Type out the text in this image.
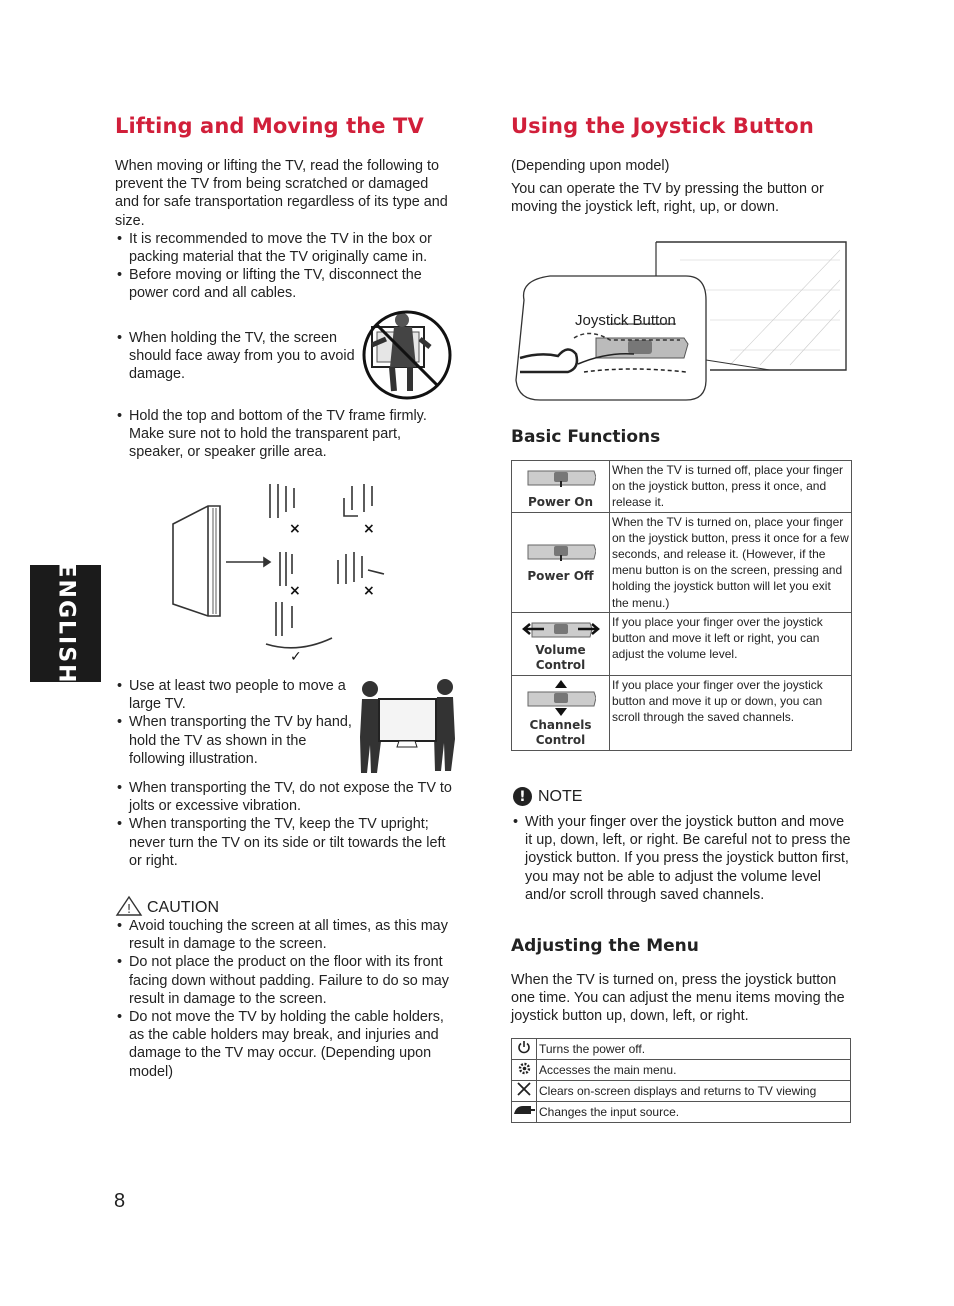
ENGLISH
Lifting and Moving the TV

When moving or lifting the TV, read the following to prevent the TV from being scratched or damaged and for safe transportation regardless of its type and size.

• It is recommended to move the TV in the box or packing material that the TV originally came in.
• Before moving or lifting the TV, disconnect the power cord and all cables.
• When holding the TV, the screen should face away from you to avoid damage.
• Hold the top and bottom of the TV frame firmly. Make sure not to hold the transparent part, speaker, or speaker grille area.
×	×
×	×
✓
• Use at least two people to move a large TV.
• When transporting the TV by hand, hold the TV as shown in the following illustration.
• When transporting the TV, do not expose the TV to jolts or excessive vibration.
• When transporting the TV, keep the TV upright; never turn the TV on its side or tilt towards the left or right.
! CAUTION
• Avoid touching the screen at all times, as this may result in damage to the screen.
• Do not place the product on the floor with its front facing down without padding. Failure to do so may result in damage to the screen.
• Do not move the TV by holding the cable holders, as the cable holders may break, and injuries and damage to the TV may occur. (Depending upon model)
8
Using the Joystick Button

(Depending upon model)

You can operate the TV by pressing the button or moving the joystick left, right, up, or down.

Joystick Button
Basic Functions
Power On	When the TV is turned off, place your finger on the joystick button, press it once, and release it.

Power Off	When the TV is turned on, place your finger on the joystick button, press it once for a few seconds, and release it. (However, if the menu button is on the screen, pressing and holding the joystick button will let you exit the menu.)

Volume Control	If you place your finger over the joystick button and move it left or right, you can adjust the volume level.

Channels Control	If you place your finger over the joystick button and move it up or down, you can scroll through the saved channels.
! NOTE
• With your finger over the joystick button and move it up, down, left, or right. Be careful not to press the joystick button. If you press the joystick button first, you may not be able to adjust the volume level and/or scroll through saved channels.
Adjusting the Menu

When the TV is turned on, press the joystick button one time. You can adjust the menu items moving the joystick button up, down, left, or right.

	Turns the power off.
	Accesses the main menu.
	Clears on-screen displays and returns to TV viewing
	Changes the input source.
